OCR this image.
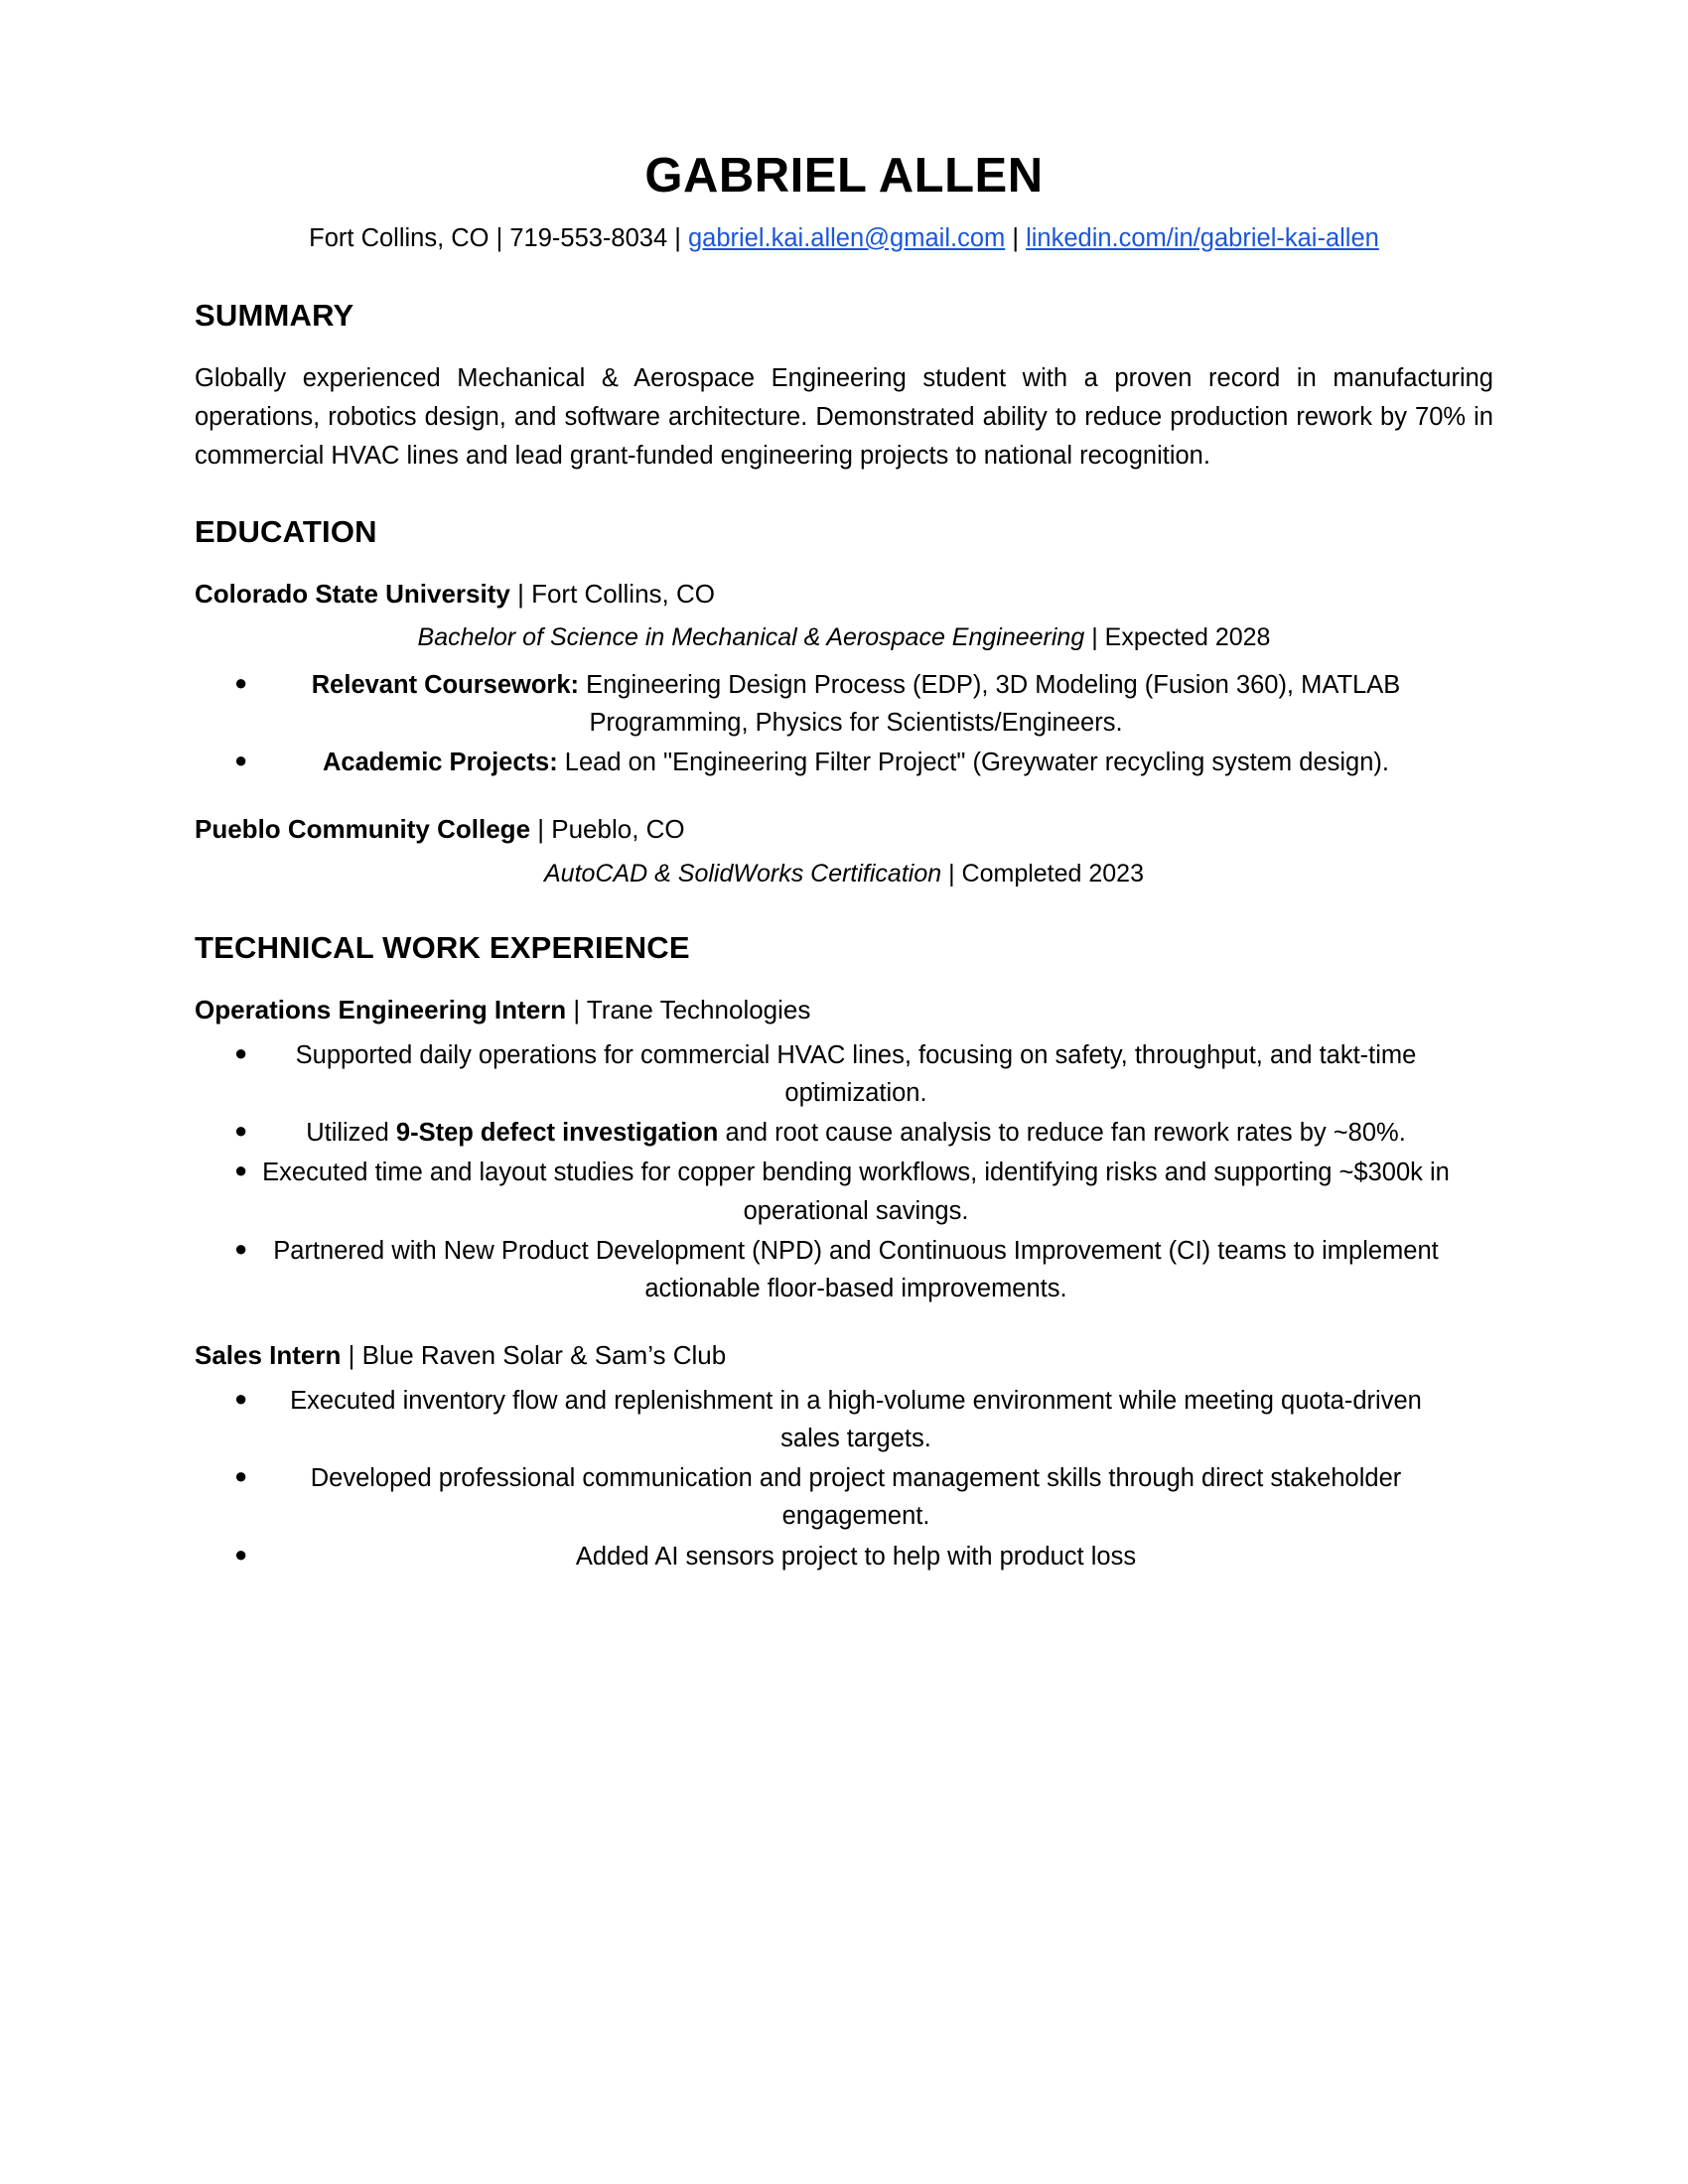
GABRIEL ALLEN
Fort Collins, CO | 719-553-8034 | gabriel.kai.allen@gmail.com | linkedin.com/in/gabriel-kai-allen
SUMMARY

Globally experienced Mechanical & Aerospace Engineering student with a proven record in manufacturing operations, robotics design, and software architecture. Demonstrated ability to reduce production rework by 70% in commercial HVAC lines and lead grant-funded engineering projects to national recognition.

EDUCATION
Colorado State University | Fort Collins, CO
Bachelor of Science in Mechanical & Aerospace Engineering | Expected 2028
●	Relevant Coursework: Engineering Design Process (EDP), 3D Modeling (Fusion 360), MATLAB Programming, Physics for Scientists/Engineers.
●	Academic Projects: Lead on "Engineering Filter Project" (Greywater recycling system design).
Pueblo Community College | Pueblo, CO
AutoCAD & SolidWorks Certification | Completed 2023
TECHNICAL WORK EXPERIENCE
Operations Engineering Intern | Trane Technologies
● Supported daily operations for commercial HVAC lines, focusing on safety, throughput, and takt-time optimization.
● Utilized 9-Step defect investigation and root cause analysis to reduce fan rework rates by ~80%.
● Executed time and layout studies for copper bending workflows, identifying risks and supporting ~$300k in operational savings.
● Partnered with New Product Development (NPD) and Continuous Improvement (CI) teams to implement actionable floor-based improvements.
Sales Intern | Blue Raven Solar & Sam’s Club
● Executed inventory flow and replenishment in a high-volume environment while meeting quota-driven sales targets.
● Developed professional communication and project management skills through direct stakeholder engagement.
●	Added AI sensors project to help with product loss
